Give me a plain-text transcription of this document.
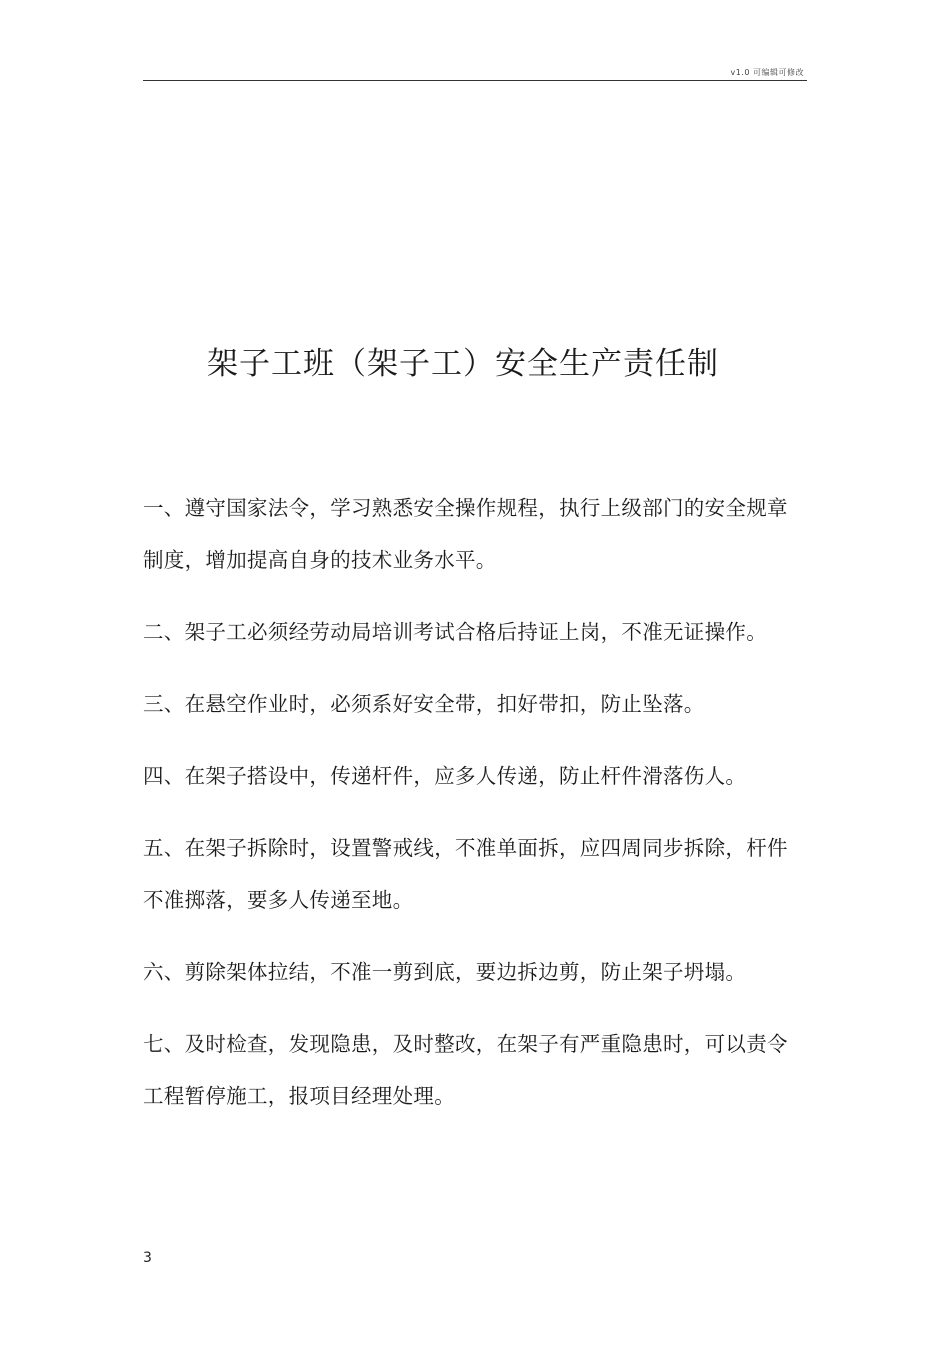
v1.0 可编辑可修改
架子工班（架子工）安全生产责任制
一、遵守国家法令，学习熟悉安全操作规程，执行上级部门的安全规章制度，增加提高自身的技术业务水平。
二、架子工必须经劳动局培训考试合格后持证上岗，不准无证操作。
三、在悬空作业时，必须系好安全带，扣好带扣，防止坠落。
四、在架子搭设中，传递杆件，应多人传递，防止杆件滑落伤人。
五、在架子拆除时，设置警戒线，不准单面拆，应四周同步拆除，杆件不准掷落，要多人传递至地。
六、剪除架体拉结，不准一剪到底，要边拆边剪，防止架子坍塌。
七、及时检查，发现隐患，及时整改，在架子有严重隐患时，可以责令工程暂停施工，报项目经理处理。
3
